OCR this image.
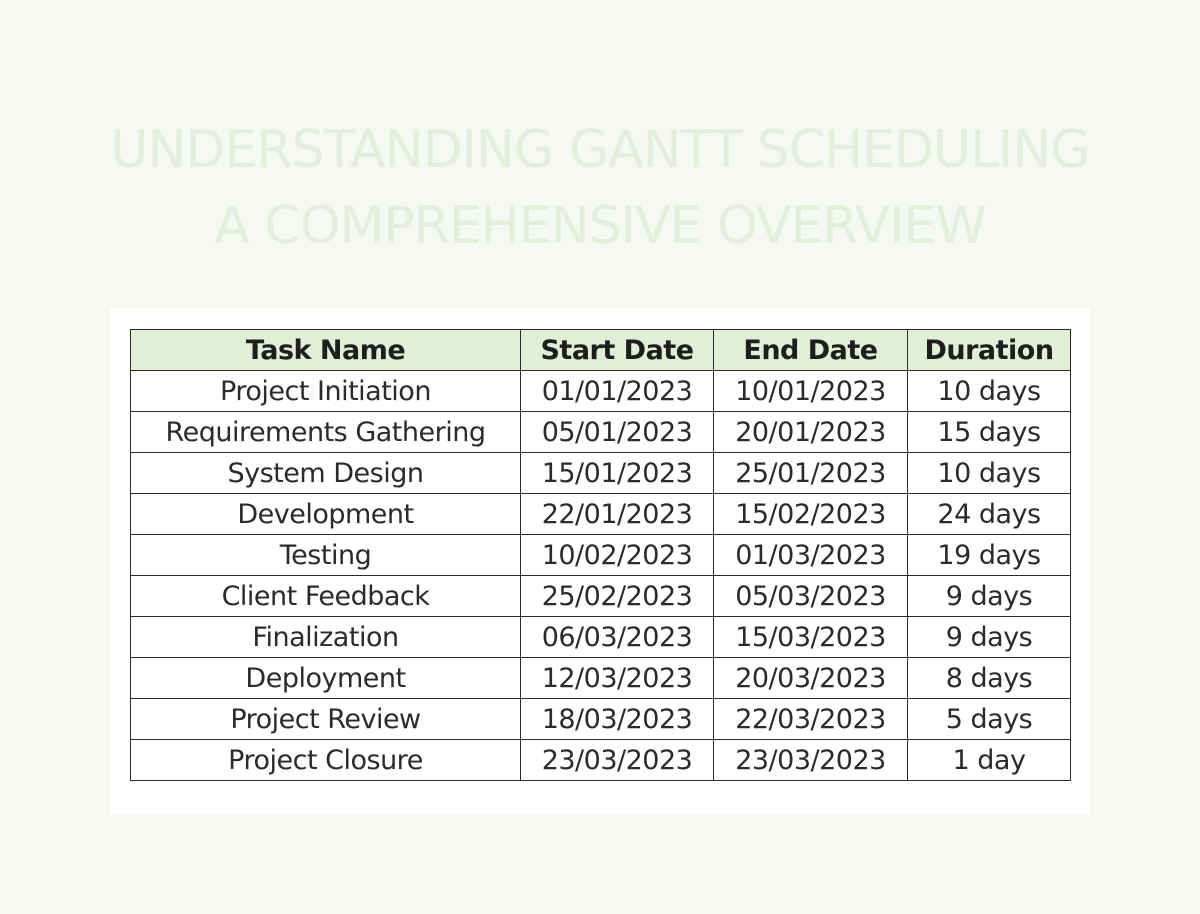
UNDERSTANDING GANTT SCHEDULING
A COMPREHENSIVE OVERVIEW
Task Name	Start Date	End Date	Duration
Project Initiation	01/01/2023	10/01/2023	10 days
Requirements Gathering	05/01/2023	20/01/2023	15 days
System Design	15/01/2023	25/01/2023	10 days
Development	22/01/2023	15/02/2023	24 days
Testing	10/02/2023	01/03/2023	19 days
Client Feedback	25/02/2023	05/03/2023	9 days
Finalization	06/03/2023	15/03/2023	9 days
Deployment	12/03/2023	20/03/2023	8 days
Project Review	18/03/2023	22/03/2023	5 days
Project Closure	23/03/2023	23/03/2023	1 day
